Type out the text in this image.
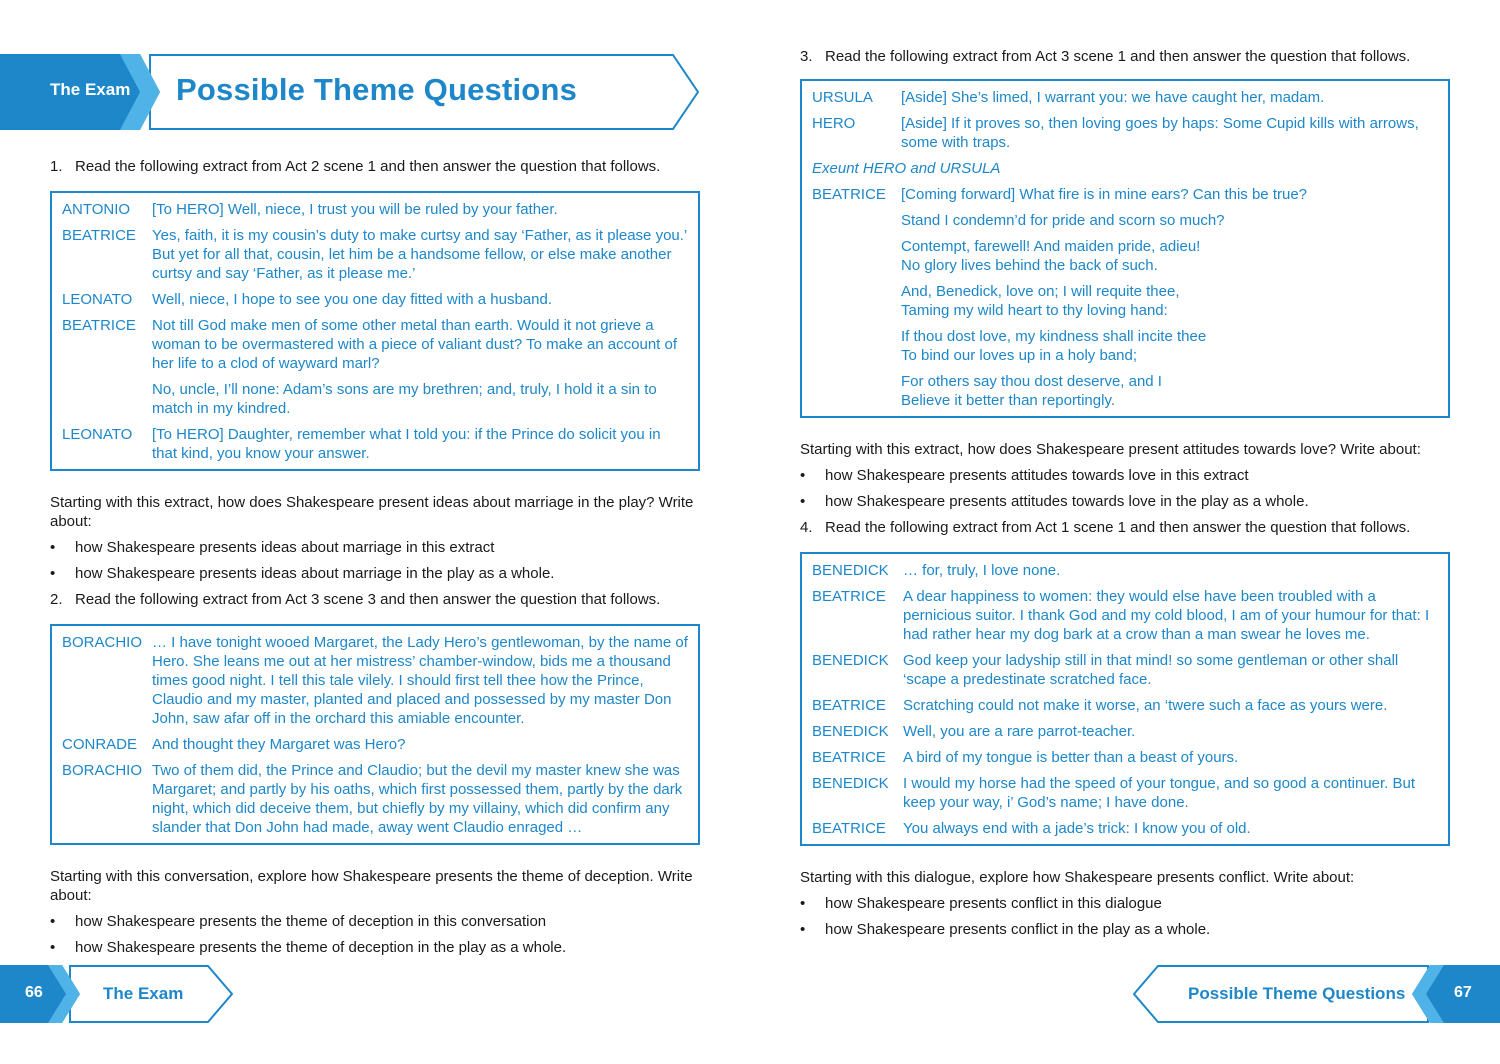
The Exam Possible Theme Questions
1. Read the following extract from Act 2 scene 1 and then answer the question that follows.
ANTONIO	[To HERO] Well, niece, I trust you will be ruled by your father.

BEATRICE	Yes, faith, it is my cousin’s duty to make curtsy and say ‘Father, as it please you.’ But yet for all that, cousin, let him be a handsome fellow, or else make another curtsy and say ‘Father, as it please me.’

LEONATO	Well, niece, I hope to see you one day fitted with a husband.

BEATRICE	Not till God make men of some other metal than earth. Would it not grieve a woman to be overmastered with a piece of valiant dust? To make an account of her life to a clod of wayward marl?

No, uncle, I’ll none: Adam’s sons are my brethren; and, truly, I hold it a sin to match in my kindred.

LEONATO	[To HERO] Daughter, remember what I told you: if the Prince do solicit you in that kind, you know your answer.

Starting with this extract, how does Shakespeare present ideas about marriage in the play? Write about:
•	how Shakespeare presents ideas about marriage in this extract
•	how Shakespeare presents ideas about marriage in the play as a whole.
2. Read the following extract from Act 3 scene 3 and then answer the question that follows.
BORACHIO … I have tonight wooed Margaret, the Lady Hero’s gentlewoman, by the name of Hero. She leans me out at her mistress’ chamber-window, bids me a thousand times good night. I tell this tale vilely. I should first tell thee how the Prince, Claudio and my master, planted and placed and possessed by my master Don John, saw afar off in the orchard this amiable encounter.

CONRADE And thought they Margaret was Hero?

BORACHIO Two of them did, the Prince and Claudio; but the devil my master knew she was Margaret; and partly by his oaths, which first possessed them, partly by the dark night, which did deceive them, but chiefly by my villainy, which did confirm any slander that Don John had made, away went Claudio enraged …

Starting with this conversation, explore how Shakespeare presents the theme of deception. Write about:
•	how Shakespeare presents the theme of deception in this conversation
•	how Shakespeare presents the theme of deception in the play as a whole.
3. Read the following extract from Act 3 scene 1 and then answer the question that follows.
URSULA	[Aside] She’s limed, I warrant you: we have caught her, madam.

HERO	[Aside] If it proves so, then loving goes by haps: Some Cupid kills with arrows, some with traps.

Exeunt HERO and URSULA
BEATRICE	[Coming forward] What fire is in mine ears? Can this be true?

Stand I condemn’d for pride and scorn so much?

Contempt, farewell! And maiden pride, adieu!
No glory lives behind the back of such.

And, Benedick, love on; I will requite thee,
Taming my wild heart to thy loving hand:

If thou dost love, my kindness shall incite thee
To bind our loves up in a holy band;

For others say thou dost deserve, and I
Believe it better than reportingly.

Starting with this extract, how does Shakespeare present attitudes towards love? Write about:
•	how Shakespeare presents attitudes towards love in this extract
•	how Shakespeare presents attitudes towards love in the play as a whole.
4. Read the following extract from Act 1 scene 1 and then answer the question that follows.
BENEDICK … for, truly, I love none.

BEATRICE	A dear happiness to women: they would else have been troubled with a pernicious suitor. I thank God and my cold blood, I am of your humour for that: I had rather hear my dog bark at a crow than a man swear he loves me.

BENEDICK God keep your ladyship still in that mind! so some gentleman or other shall ‘scape a predestinate scratched face.

BEATRICE	Scratching could not make it worse, an ‘twere such a face as yours were.

BENEDICK Well, you are a rare parrot-teacher.

BEATRICE	A bird of my tongue is better than a beast of yours.

BENEDICK I would my horse had the speed of your tongue, and so good a continuer. But keep your way, i’ God’s name; I have done.

BEATRICE	You always end with a jade’s trick: I know you of old.

Starting with this dialogue, explore how Shakespeare presents conflict. Write about:
•	how Shakespeare presents conflict in this dialogue
•	how Shakespeare presents conflict in the play as a whole.
66	The Exam	Possible Theme Questions	67
